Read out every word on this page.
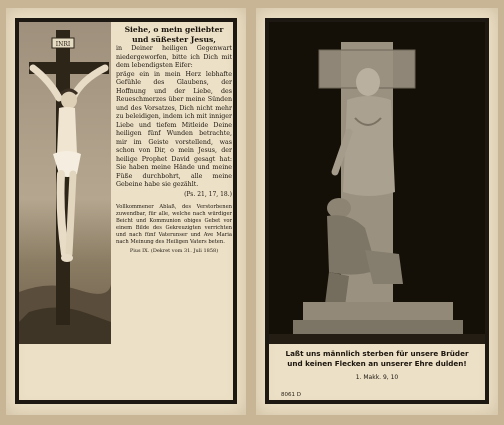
INRI
Siehe, o mein geliebter und süßester Jesus,

in Deiner heiligen Gegenwart niedergeworfen, bitte ich Dich mit dem lebendigsten Eifer:

präge ein in mein Herz lebhafte Gefühle des Glaubens, der Hoffnung und der Liebe, des Reueschmerzes über meine Sünden und des Vorsatzes, Dich nicht mehr zu beleidigen, indem ich mit inniger Liebe und tiefem Mitleide Deine heiligen fünf Wunden betrachte, mir im Geiste vorstellend, was schon von Dir, o mein Jesus, der heilige Prophet David gesagt hat: Sie haben meine Hände und meine Füße durchbohrt, alle meine Gebeine habe sie gezählt.

(Ps. 21, 17, 18.)

Vollkommener Ablaß, des Verstorbenen zuwendbar, für alle, welche nach würdiger Beicht und Kommunion obiges Gebet vor einem Bilde des Gekreuzigten verrichten und nach fünf Vaterunser und Ave Maria nach Meinung des Heiligen Vaters beten.

Pius IX. (Dekret vom 31. Juli 1858)
Laßt uns männlich sterben für unsere Brüder
und keinen Flecken an unserer Ehre dulden!
1. Makk. 9, 10
8061 D
